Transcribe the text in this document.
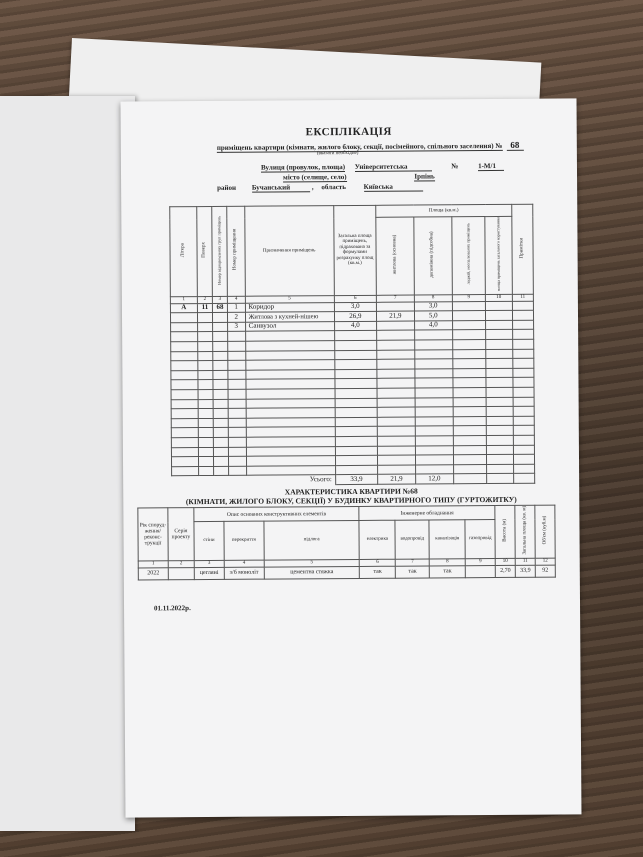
ЕКСПЛІКАЦІЯ
приміщень квартири (кімнати, жилого блоку, секції, посімейного, спільного заселення) № 68
(вказати необхідне)
Вулиця (провулок, площа) Університетська	№	1-М/1
місто (селище, село)	Ірпінь
район Бучанський	, область	Київська
Літера	Поверх	Номер відокремлених груп приміщень	Номер приміщення	Призначення приміщень	Загальна площа приміщень, підрахована за формулами розрахунку площ (кв.м.)	Площа (кв.м.)				Примітки
						житлова (основна)	допоміжна (підсобна)	лоджій, неопалюваних приміщень	площа приміщень загального користування	
1	2	3	4	5	6	7	8	9	10	11
А	11	68	1	Коридор	3,0		3,0			
			2	Житлова з кухней-нішею	26,9	21,9	5,0			
			3	Санвузол	4,0		4,0			

Усього:					33,9	21,9	12,0			
ХАРАКТЕРИСТИКА КВАРТИРИ №68
(КІМНАТИ, ЖИЛОГО БЛОКУ, СЕКЦІЇ) У БУДИНКУ КВАРТИРНОГО ТИПУ (ГУРТОЖИТКУ)
Рік споруд-ження/ реконс-трукції	Серія проекту	Опис основних конструктивних елементів			Інженерне обладнання				Висота (м)	Загальна площа (кв. м)	Об'єм (куб.м)
		стіни	перекриття	підлога	електрика	водопровід	каналізація	газопровід			
1	2	3	4	5	6	7	8	9	10	11	12
2022		цегляні	з/б моноліт	цементна стяжка	так	так	так		2,70	33,9	92
01.11.2022р.
